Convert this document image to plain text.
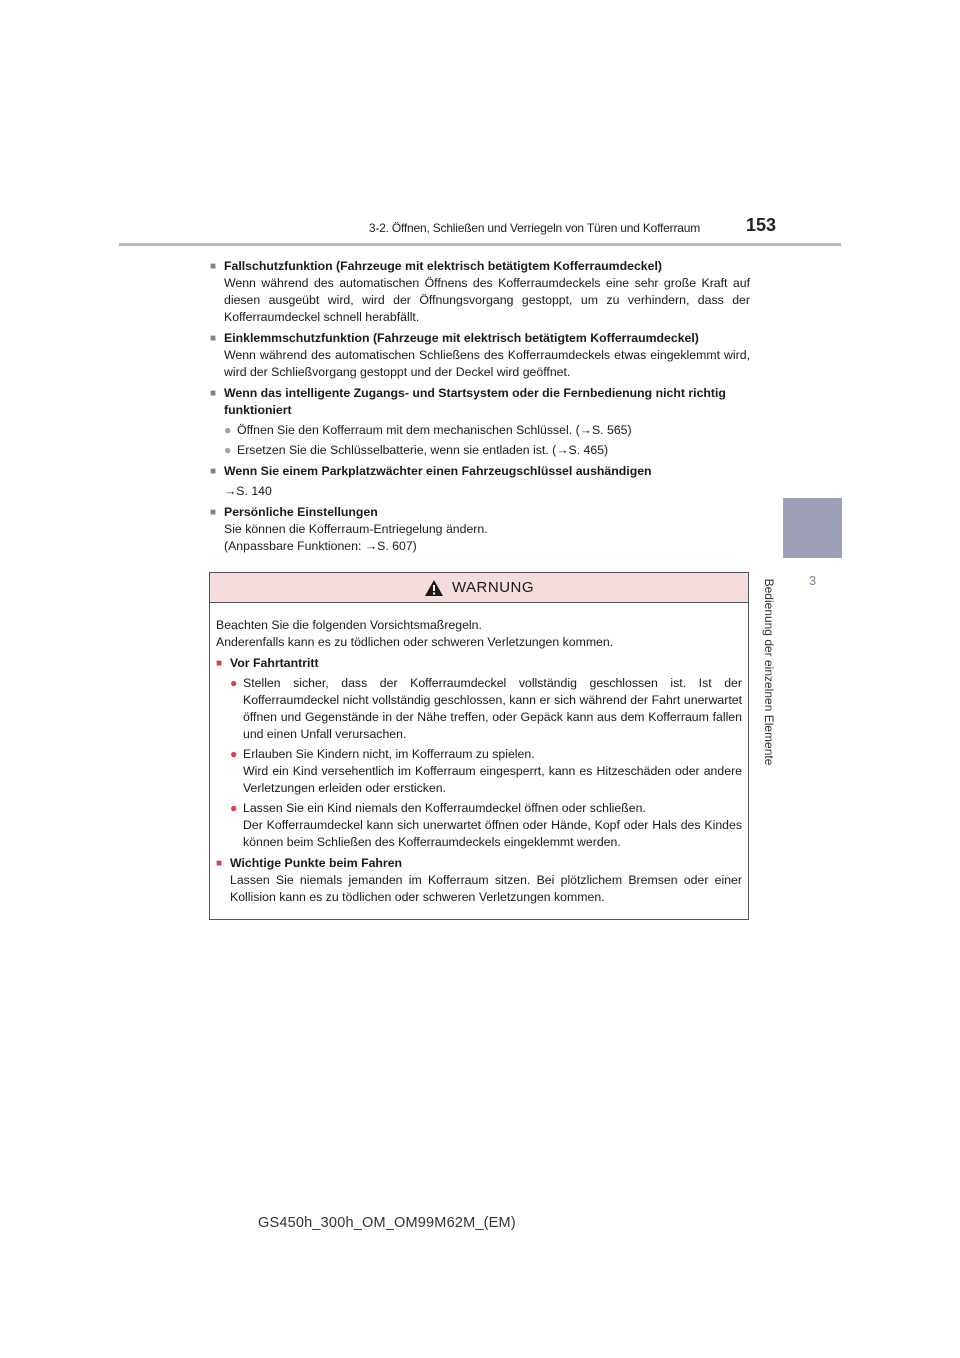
3-2. Öffnen, Schließen und Verriegeln von Türen und Kofferraum	153
3
Bedienung der einzelnen Elemente
■ Fallschutzfunktion (Fahrzeuge mit elektrisch betätigtem Kofferraumdeckel)
Wenn während des automatischen Öffnens des Kofferraumdeckels eine sehr große Kraft auf diesen ausgeübt wird, wird der Öffnungsvorgang gestoppt, um zu verhindern, dass der Kofferraumdeckel schnell herabfällt.
■ Einklemmschutzfunktion (Fahrzeuge mit elektrisch betätigtem Kofferraumdeckel)
Wenn während des automatischen Schließens des Kofferraumdeckels etwas eingeklemmt wird, wird der Schließvorgang gestoppt und der Deckel wird geöffnet.
■ Wenn das intelligente Zugangs- und Startsystem oder die Fernbedienung nicht richtig funktioniert
● Öffnen Sie den Kofferraum mit dem mechanischen Schlüssel. (→S. 565)
● Ersetzen Sie die Schlüsselbatterie, wenn sie entladen ist. (→S. 465)
■ Wenn Sie einem Parkplatzwächter einen Fahrzeugschlüssel aushändigen
→S. 140
■ Persönliche Einstellungen
Sie können die Kofferraum-Entriegelung ändern.
(Anpassbare Funktionen: →S. 607)
WARNUNG
Beachten Sie die folgenden Vorsichtsmaßregeln.
Anderenfalls kann es zu tödlichen oder schweren Verletzungen kommen.
■ Vor Fahrtantritt
● Stellen sicher, dass der Kofferraumdeckel vollständig geschlossen ist. Ist der Kofferraumdeckel nicht vollständig geschlossen, kann er sich während der Fahrt unerwartet öffnen und Gegenstände in der Nähe treffen, oder Gepäck kann aus dem Kofferraum fallen und einen Unfall verursachen.
● Erlauben Sie Kindern nicht, im Kofferraum zu spielen.
Wird ein Kind versehentlich im Kofferraum eingesperrt, kann es Hitzeschäden oder andere Verletzungen erleiden oder ersticken.
● Lassen Sie ein Kind niemals den Kofferraumdeckel öffnen oder schließen.
Der Kofferraumdeckel kann sich unerwartet öffnen oder Hände, Kopf oder Hals des Kindes können beim Schließen des Kofferraumdeckels eingeklemmt werden.
■ Wichtige Punkte beim Fahren
Lassen Sie niemals jemanden im Kofferraum sitzen. Bei plötzlichem Bremsen oder einer Kollision kann es zu tödlichen oder schweren Verletzungen kommen.
GS450h_300h_OM_OM99M62M_(EM)
